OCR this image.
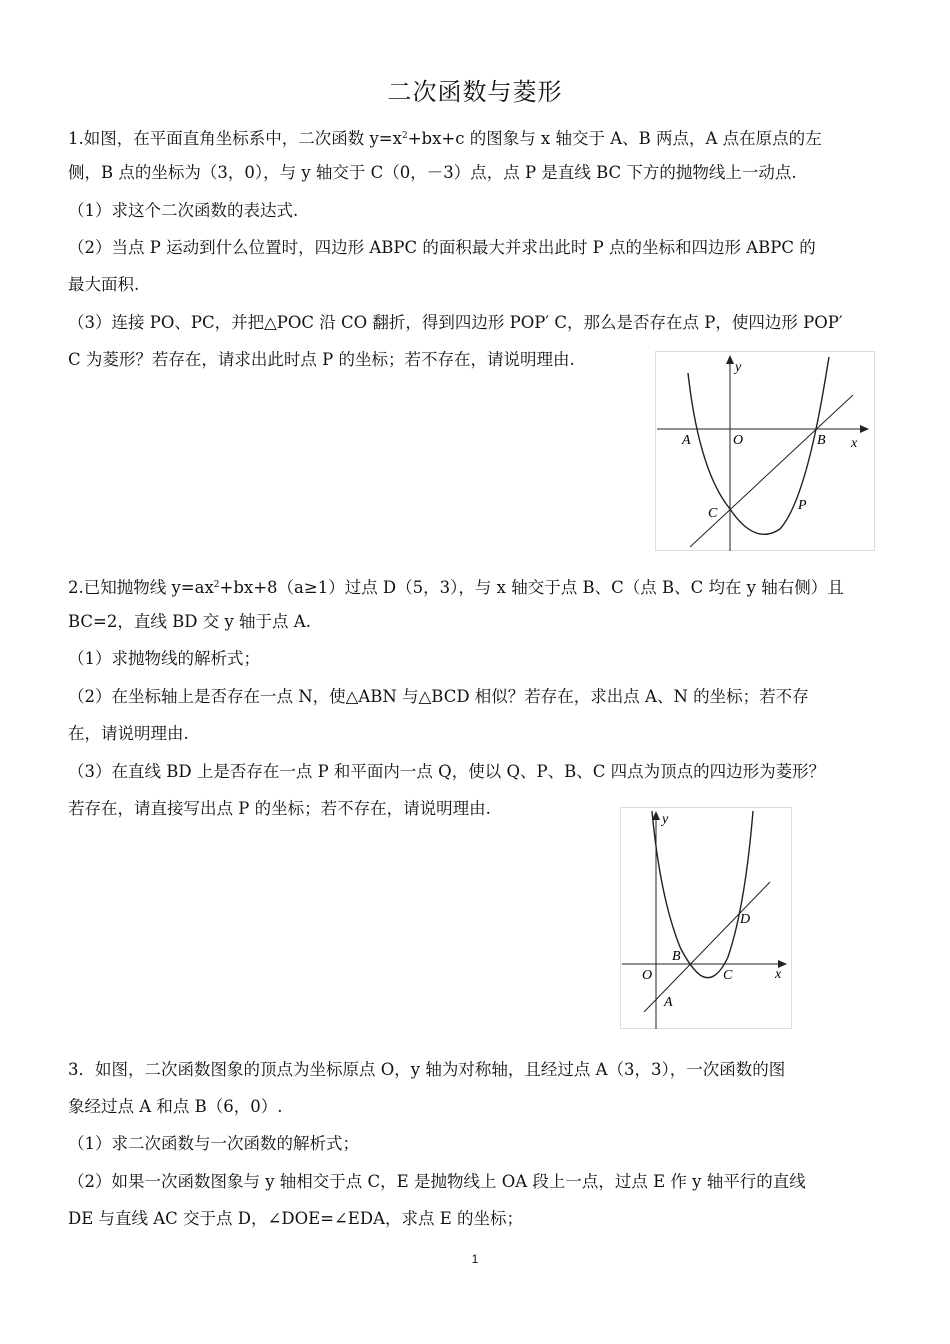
二次函数与菱形
1.如图，在平面直角坐标系中，二次函数 $y=x^2+bx+c$ 的图象与 x 轴交于 A、B 两点，A 点在原点的左
侧，B 点的坐标为（3，0），与 y 轴交于 C（0，－3）点，点 P 是直线 BC 下方的抛物线上一动点.
（1）求这个二次函数的表达式.
（2）当点 P 运动到什么位置时，四边形 ABPC 的面积最大并求出此时 P 点的坐标和四边形 ABPC 的
最大面积.
（3）连接 PO、PC，并把△POC 沿 CO 翻折，得到四边形 POP′ C，那么是否存在点 P，使四边形 POP′
C 为菱形？若存在，请求出此时点 P 的坐标；若不存在，请说明理由.	y
x
A	O	B
C
P
2.已知抛物线 $y=ax^2+bx+8(a\ge 1)$过点 D（5，3），与 x 轴交于点 B、C（点 B、C 均在 y 轴右侧）且
BC=2，直线 BD 交 y 轴于点 A.
（1）求抛物线的解析式；
（2）在坐标轴上是否存在一点 N，使△ABN 与△BCD 相似？若存在，求出点 A、N 的坐标；若不存
在，请说明理由.
（3）在直线 BD 上是否存在一点 P 和平面内一点 Q，使以 Q、P、B、C 四点为顶点的四边形为菱形？
若存在，请直接写出点 P 的坐标；若不存在，请说明理由.
y
x
O
B
C
D
A
3．如图，二次函数图象的顶点为坐标原点 O，y 轴为对称轴，且经过点 A（3，3），一次函数的图
象经过点 A 和点 B（6，0）.
（1）求二次函数与一次函数的解析式；
（2）如果一次函数图象与 y 轴相交于点 C，E 是抛物线上 OA 段上一点，过点 E 作 y 轴平行的直线
DE 与直线 AC 交于点 D，∠DOE=∠EDA，求点 E 的坐标；
1
